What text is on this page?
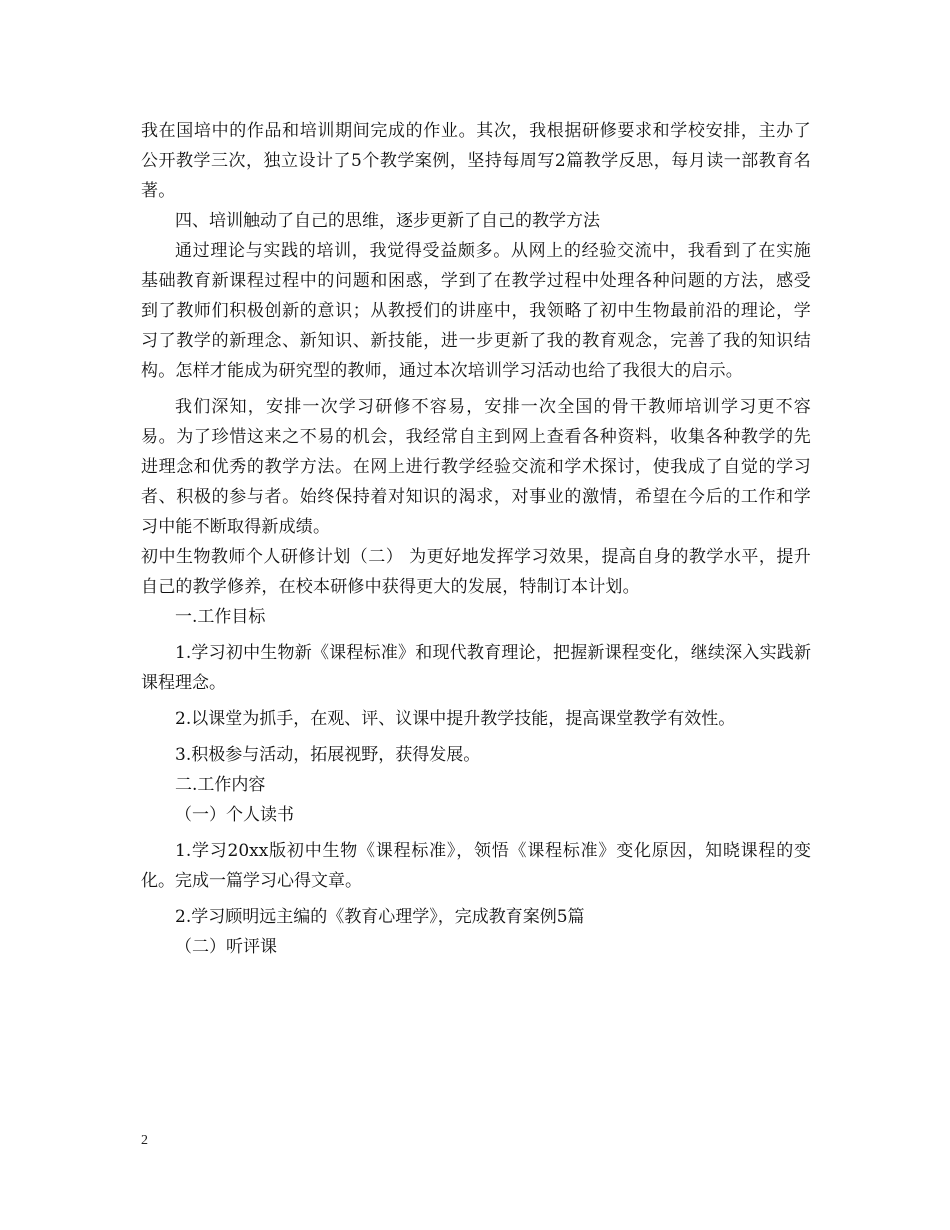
我在国培中的作品和培训期间完成的作业。其次，我根据研修要求和学校安排，主办了公开教学三次，独立设计了5个教学案例，坚持每周写2篇教学反思，每月读一部教育名著。

四、培训触动了自己的思维，逐步更新了自己的教学方法

通过理论与实践的培训，我觉得受益颇多。从网上的经验交流中，我看到了在实施基础教育新课程过程中的问题和困惑，学到了在教学过程中处理各种问题的方法，感受到了教师们积极创新的意识；从教授们的讲座中，我领略了初中生物最前沿的理论，学习了教学的新理念、新知识、新技能，进一步更新了我的教育观念，完善了我的知识结构。怎样才能成为研究型的教师，通过本次培训学习活动也给了我很大的启示。

我们深知，安排一次学习研修不容易，安排一次全国的骨干教师培训学习更不容易。为了珍惜这来之不易的机会，我经常自主到网上查看各种资料，收集各种教学的先进理念和优秀的教学方法。在网上进行教学经验交流和学术探讨，使我成了自觉的学习者、积极的参与者。始终保持着对知识的渴求，对事业的激情，希望在今后的工作和学习中能不断取得新成绩。

初中生物教师个人研修计划（二） 为更好地发挥学习效果，提高自身的教学水平，提升自己的教学修养，在校本研修中获得更大的发展，特制订本计划。

一.工作目标

1.学习初中生物新《课程标准》和现代教育理论，把握新课程变化，继续深入实践新课程理念。

2.以课堂为抓手，在观、评、议课中提升教学技能，提高课堂教学有效性。

3.积极参与活动，拓展视野，获得发展。

二.工作内容

（一）个人读书

1.学习20xx版初中生物《课程标准》，领悟《课程标准》变化原因，知晓课程的变化。完成一篇学习心得文章。

2.学习顾明远主编的《教育心理学》，完成教育案例5篇

（二）听评课

2
